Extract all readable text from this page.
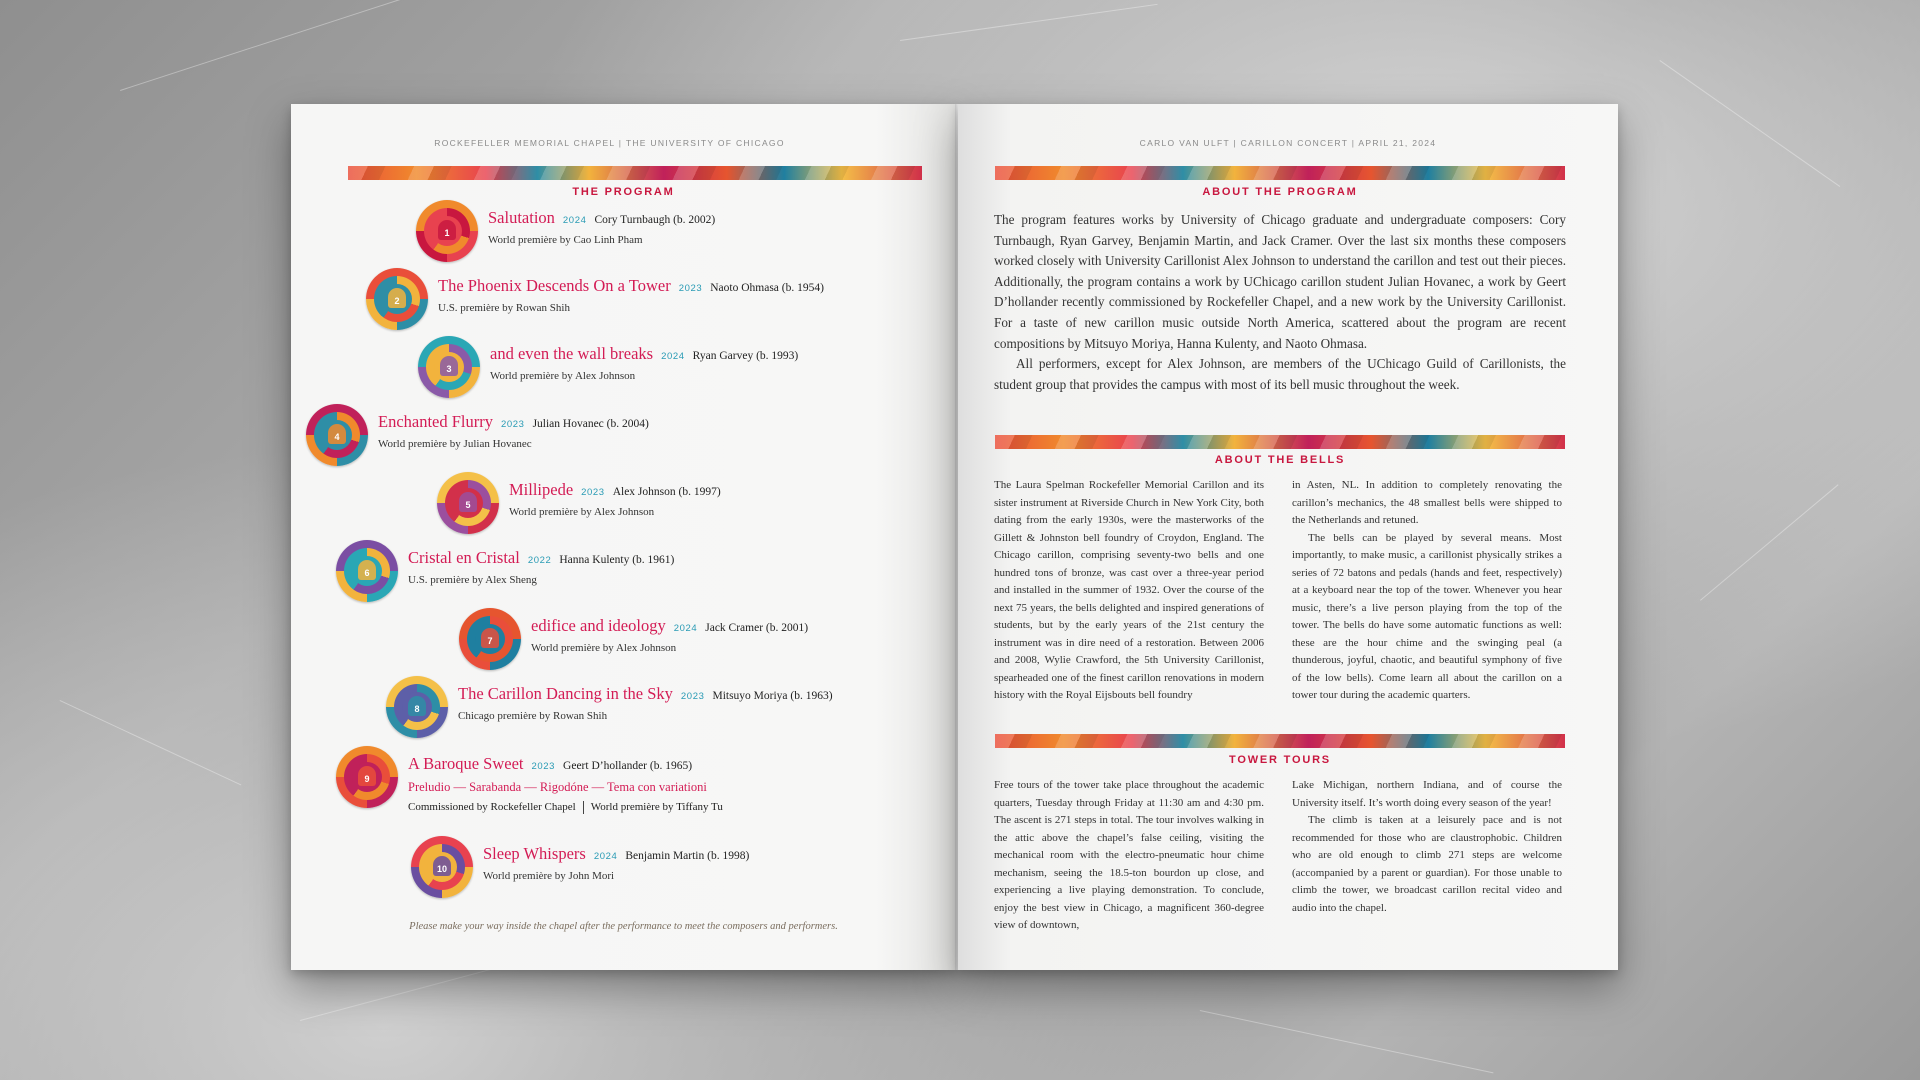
ROCKEFELLER MEMORIAL CHAPEL | THE UNIVERSITY OF CHICAGO
THE PROGRAM
1
Salutation 2024 Cory Turnbaugh (b. 2002)
World première by Cao Linh Pham
2
The Phoenix Descends On a Tower 2023 Naoto Ohmasa (b. 1954)
U.S. première by Rowan Shih
3
and even the wall breaks 2024 Ryan Garvey (b. 1993)
World première by Alex Johnson
4
Enchanted Flurry 2023 Julian Hovanec (b. 2004)
World première by Julian Hovanec
5
Millipede 2023 Alex Johnson (b. 1997)
World première by Alex Johnson
6
Cristal en Cristal 2022 Hanna Kulenty (b. 1961)
U.S. première by Alex Sheng
7
edifice and ideology 2024 Jack Cramer (b. 2001)
World première by Alex Johnson
8
The Carillon Dancing in the Sky 2023 Mitsuyo Moriya (b. 1963)
Chicago première by Rowan Shih
9
A Baroque Sweet 2023 Geert D’hollander (b. 1965)
Preludio — Sarabanda — Rigodóne — Tema con variationi
Commissioned by Rockefeller Chapel World première by Tiffany Tu
10
Sleep Whispers 2024 Benjamin Martin (b. 1998)
World première by John Mori
Please make your way inside the chapel after the performance to meet the composers and performers.
CARLO VAN ULFT | CARILLON CONCERT | APRIL 21, 2024
ABOUT THE PROGRAM

The program features works by University of Chicago graduate and undergraduate composers: Cory Turnbaugh, Ryan Garvey, Benjamin Martin, and Jack Cramer. Over the last six months these composers worked closely with University Carillonist Alex Johnson to understand the carillon and test out their pieces. Additionally, the program contains a work by UChicago carillon student Julian Hovanec, a work by Geert D’hollander recently commissioned by Rockefeller Chapel, and a new work by the University Carillonist. For a taste of new carillon music outside North America, scattered about the program are recent compositions by Mitsuyo Moriya, Hanna Kulenty, and Naoto Ohmasa.

All performers, except for Alex Johnson, are members of the UChicago Guild of Carillonists, the student group that provides the campus with most of its bell music throughout the week.

ABOUT THE BELLS

The Laura Spelman Rockefeller Memorial Carillon and its sister instrument at Riverside Church in New York City, both dating from the early 1930s, were the masterworks of the Gillett & Johnston bell foundry of Croydon, England. The Chicago carillon, comprising seventy-two bells and one hundred tons of bronze, was cast over a three-year period and installed in the summer of 1932. Over the course of the next 75 years, the bells delighted and inspired generations of students, but by the early years of the 21st century the instrument was in dire need of a restoration. Between 2006 and 2008, Wylie Crawford, the 5th University Carillonist, spearheaded one of the finest carillon renovations in modern history with the Royal Eijsbouts bell foundry

in Asten, NL. In addition to completely renovating the carillon’s mechanics, the 48 smallest bells were shipped to the Netherlands and retuned.

The bells can be played by several means. Most importantly, to make music, a carillonist physically strikes a series of 72 batons and pedals (hands and feet, respectively) at a keyboard near the top of the tower. Whenever you hear music, there’s a live person playing from the top of the tower. The bells do have some automatic functions as well: these are the hour chime and the swinging peal (a thunderous, joyful, chaotic, and beautiful symphony of five of the low bells). Come learn all about the carillon on a tower tour during the academic quarters.

TOWER TOURS

Free tours of the tower take place throughout the academic quarters, Tuesday through Friday at 11:30 am and 4:30 pm. The ascent is 271 steps in total. The tour involves walking in the attic above the chapel’s false ceiling, visiting the mechanical room with the electro-pneumatic hour chime mechanism, seeing the 18.5-ton bourdon up close, and experiencing a live playing demonstration. To conclude, enjoy the best view in Chicago, a magnificent 360-degree view of downtown,

Lake Michigan, northern Indiana, and of course the University itself. It’s worth doing every season of the year!

The climb is taken at a leisurely pace and is not recommended for those who are claustrophobic. Children who are old enough to climb 271 steps are welcome (accompanied by a parent or guardian). For those unable to climb the tower, we broadcast carillon recital video and audio into the chapel.
